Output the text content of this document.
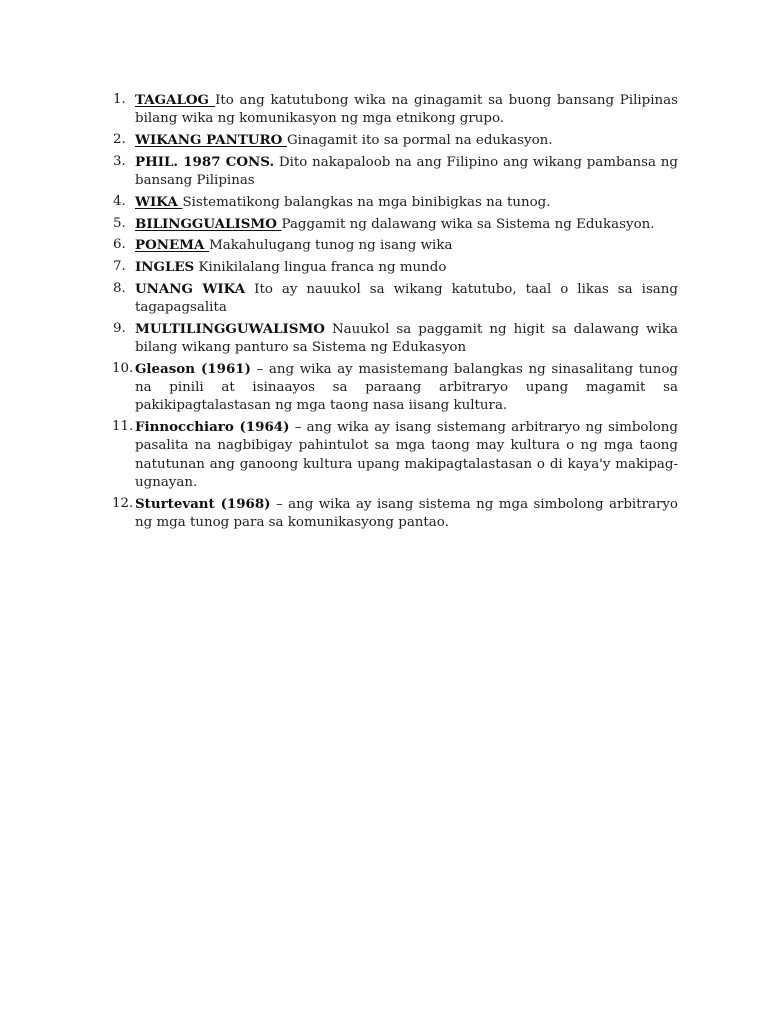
1. TAGALOG Ito ang katutubong wika na ginagamit sa buong bansang Pilipinas bilang wika ng komunikasyon ng mga etnikong grupo.
2. WIKANG PANTURO Ginagamit ito sa pormal na edukasyon.
3. PHIL. 1987 CONS. Dito nakapaloob na ang Filipino ang wikang pambansa ng bansang Pilipinas
4. WIKA Sistematikong balangkas na mga binibigkas na tunog.
5. BILINGGUALISMO Paggamit ng dalawang wika sa Sistema ng Edukasyon.
6. PONEMA Makahulugang tunog ng isang wika
7. INGLES Kinikilalang lingua franca ng mundo
8. UNANG WIKA Ito ay nauukol sa wikang katutubo, taal o likas sa isang tagapagsalita
9. MULTILINGGUWALISMO Nauukol sa paggamit ng higit sa dalawang wika bilang wikang panturo sa Sistema ng Edukasyon
10. Gleason (1961) – ang wika ay masistemang balangkas ng sinasalitang tunog na pinili at isinaayos sa paraang arbitraryo upang magamit sa pakikipagtalastasan ng mga taong nasa iisang kultura.
11. Finnocchiaro (1964) – ang wika ay isang sistemang arbitraryo ng simbolong pasalita na nagbibigay pahintulot sa mga taong may kultura o ng mga taong natutunan ang ganoong kultura upang makipagtalastasan o di kaya'y makipag-ugnayan.
12. Sturtevant (1968) – ang wika ay isang sistema ng mga simbolong arbitraryo ng mga tunog para sa komunikasyong pantao.
